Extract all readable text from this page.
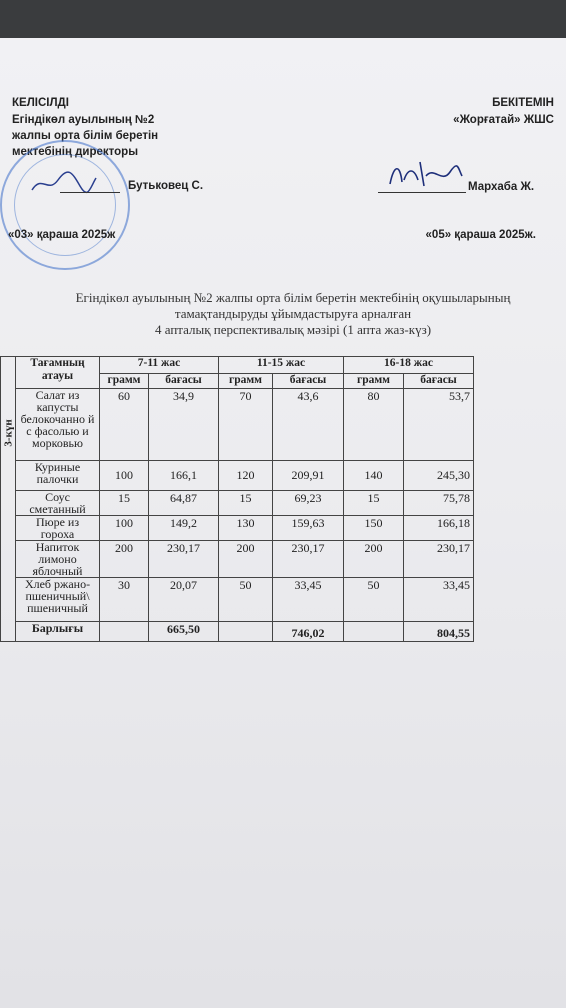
КЕЛІСІЛДІ
Егіндікөл ауылының №2
жалпы орта білім беретін
мектебінің директоры
Бутьковец С.
«03» қараша 2025ж
БЕКІТЕМІН
«Жорғатай» ЖШС
Мархаба Ж.
«05» қараша 2025ж.
Егіндікөл ауылының №2 жалпы орта білім беретін мектебінің оқушыларының
тамақтандыруды ұйымдастыруға арналған
4 апталық перспективалық мәзірі (1 апта жаз-күз)
3-күн	Тағамның атауы	7-11 жас		11-15 жас		16-18 жас	
		грамм	бағасы	грамм	бағасы	грамм	бағасы
	Салат из капусты белокочанно й с фасолью и морковью	60	34,9	70	43,6	80	53,7
	Куриные палочки	100	166,1	120	209,91	140	245,30
	Соус сметанный	15	64,87	15	69,23	15	75,78
	Пюре из гороха	100	149,2	130	159,63	150	166,18
	Напиток лимоно яблочный	200	230,17	200	230,17	200	230,17
	Хлеб ржано-пшеничный\ пшеничный	30	20,07	50	33,45	50	33,45
	Барлығы		665,50		746,02		804,55
